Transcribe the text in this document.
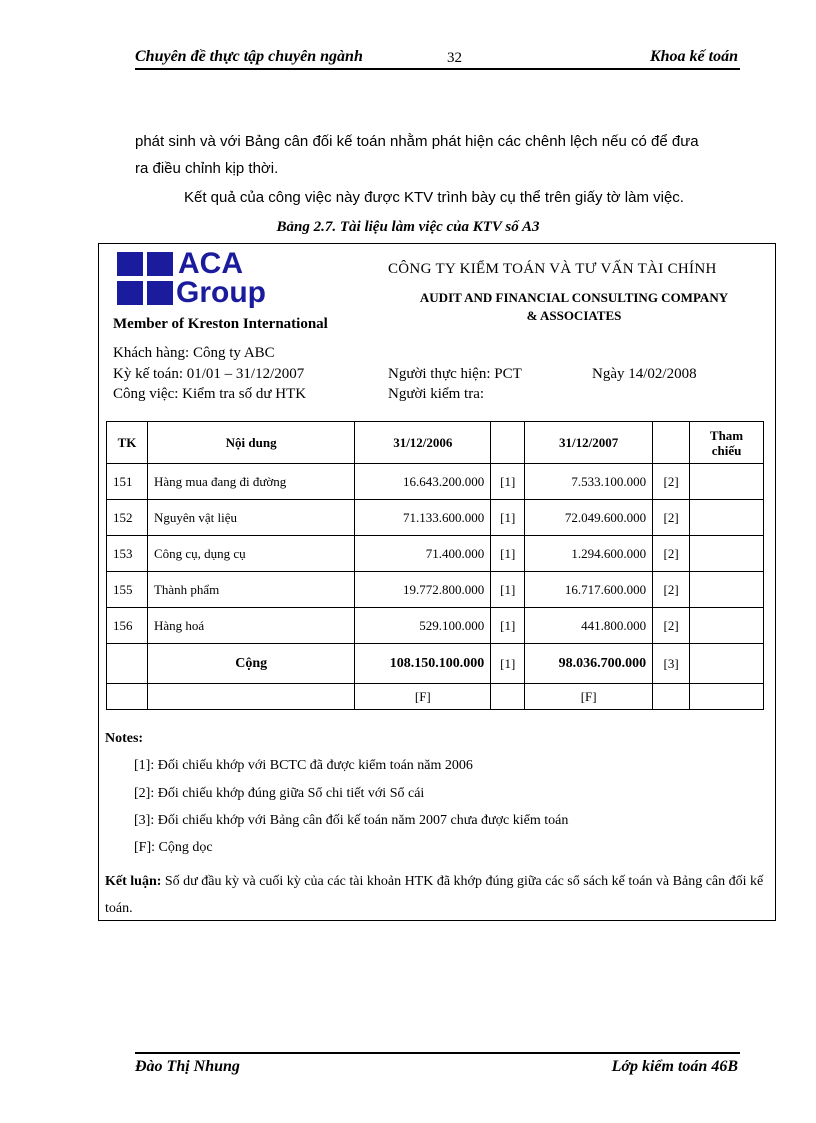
Chuyên đề thực tập chuyên ngành	32	Khoa kế toán
phát sinh và với Bảng cân đối kế toán nhằm phát hiện các chênh lệch nếu có để đưa
ra điều chỉnh kịp thời.
Kết quả của công việc này được KTV trình bày cụ thể trên giấy tờ làm việc.
Bảng 2.7. Tài liệu làm việc của KTV số A3
ACA
Group
Member of Kreston International
CÔNG TY KIỂM TOÁN VÀ TƯ VẤN TÀI CHÍNH
AUDIT AND FINANCIAL CONSULTING COMPANY
& ASSOCIATES
Khách hàng: Công ty ABC
Kỳ kế toán: 01/01 – 31/12/2007
Công việc: Kiểm tra số dư HTK
Người thực hiện: PCT	Ngày 14/02/2008
Người kiểm tra:
TK	Nội dung	31/12/2006		31/12/2007		Tham chiếu
151	Hàng mua đang đi đường	16.643.200.000	[1]	7.533.100.000	[2]	
152	Nguyên vật liệu	71.133.600.000	[1]	72.049.600.000	[2]	
153	Công cụ, dụng cụ	71.400.000	[1]	1.294.600.000	[2]	
155	Thành phẩm	19.772.800.000	[1]	16.717.600.000	[2]	
156	Hàng hoá	529.100.000	[1]	441.800.000	[2]	
	Cộng	108.150.100.000	[1]	98.036.700.000	[3]	
		[F]		[F]		
Notes:
[1]: Đối chiếu khớp với BCTC đã được kiểm toán năm 2006
[2]: Đối chiếu khớp đúng giữa Sổ chi tiết với Sổ cái
[3]: Đối chiếu khớp với Bảng cân đối kế toán năm 2007 chưa được kiểm toán
[F]: Cộng dọc
Kết luận: Số dư đầu kỳ và cuối kỳ của các tài khoản HTK đã khớp đúng giữa các sổ sách kế toán và Bảng cân đối kế toán.
Đào Thị Nhung	Lớp kiểm toán 46B
